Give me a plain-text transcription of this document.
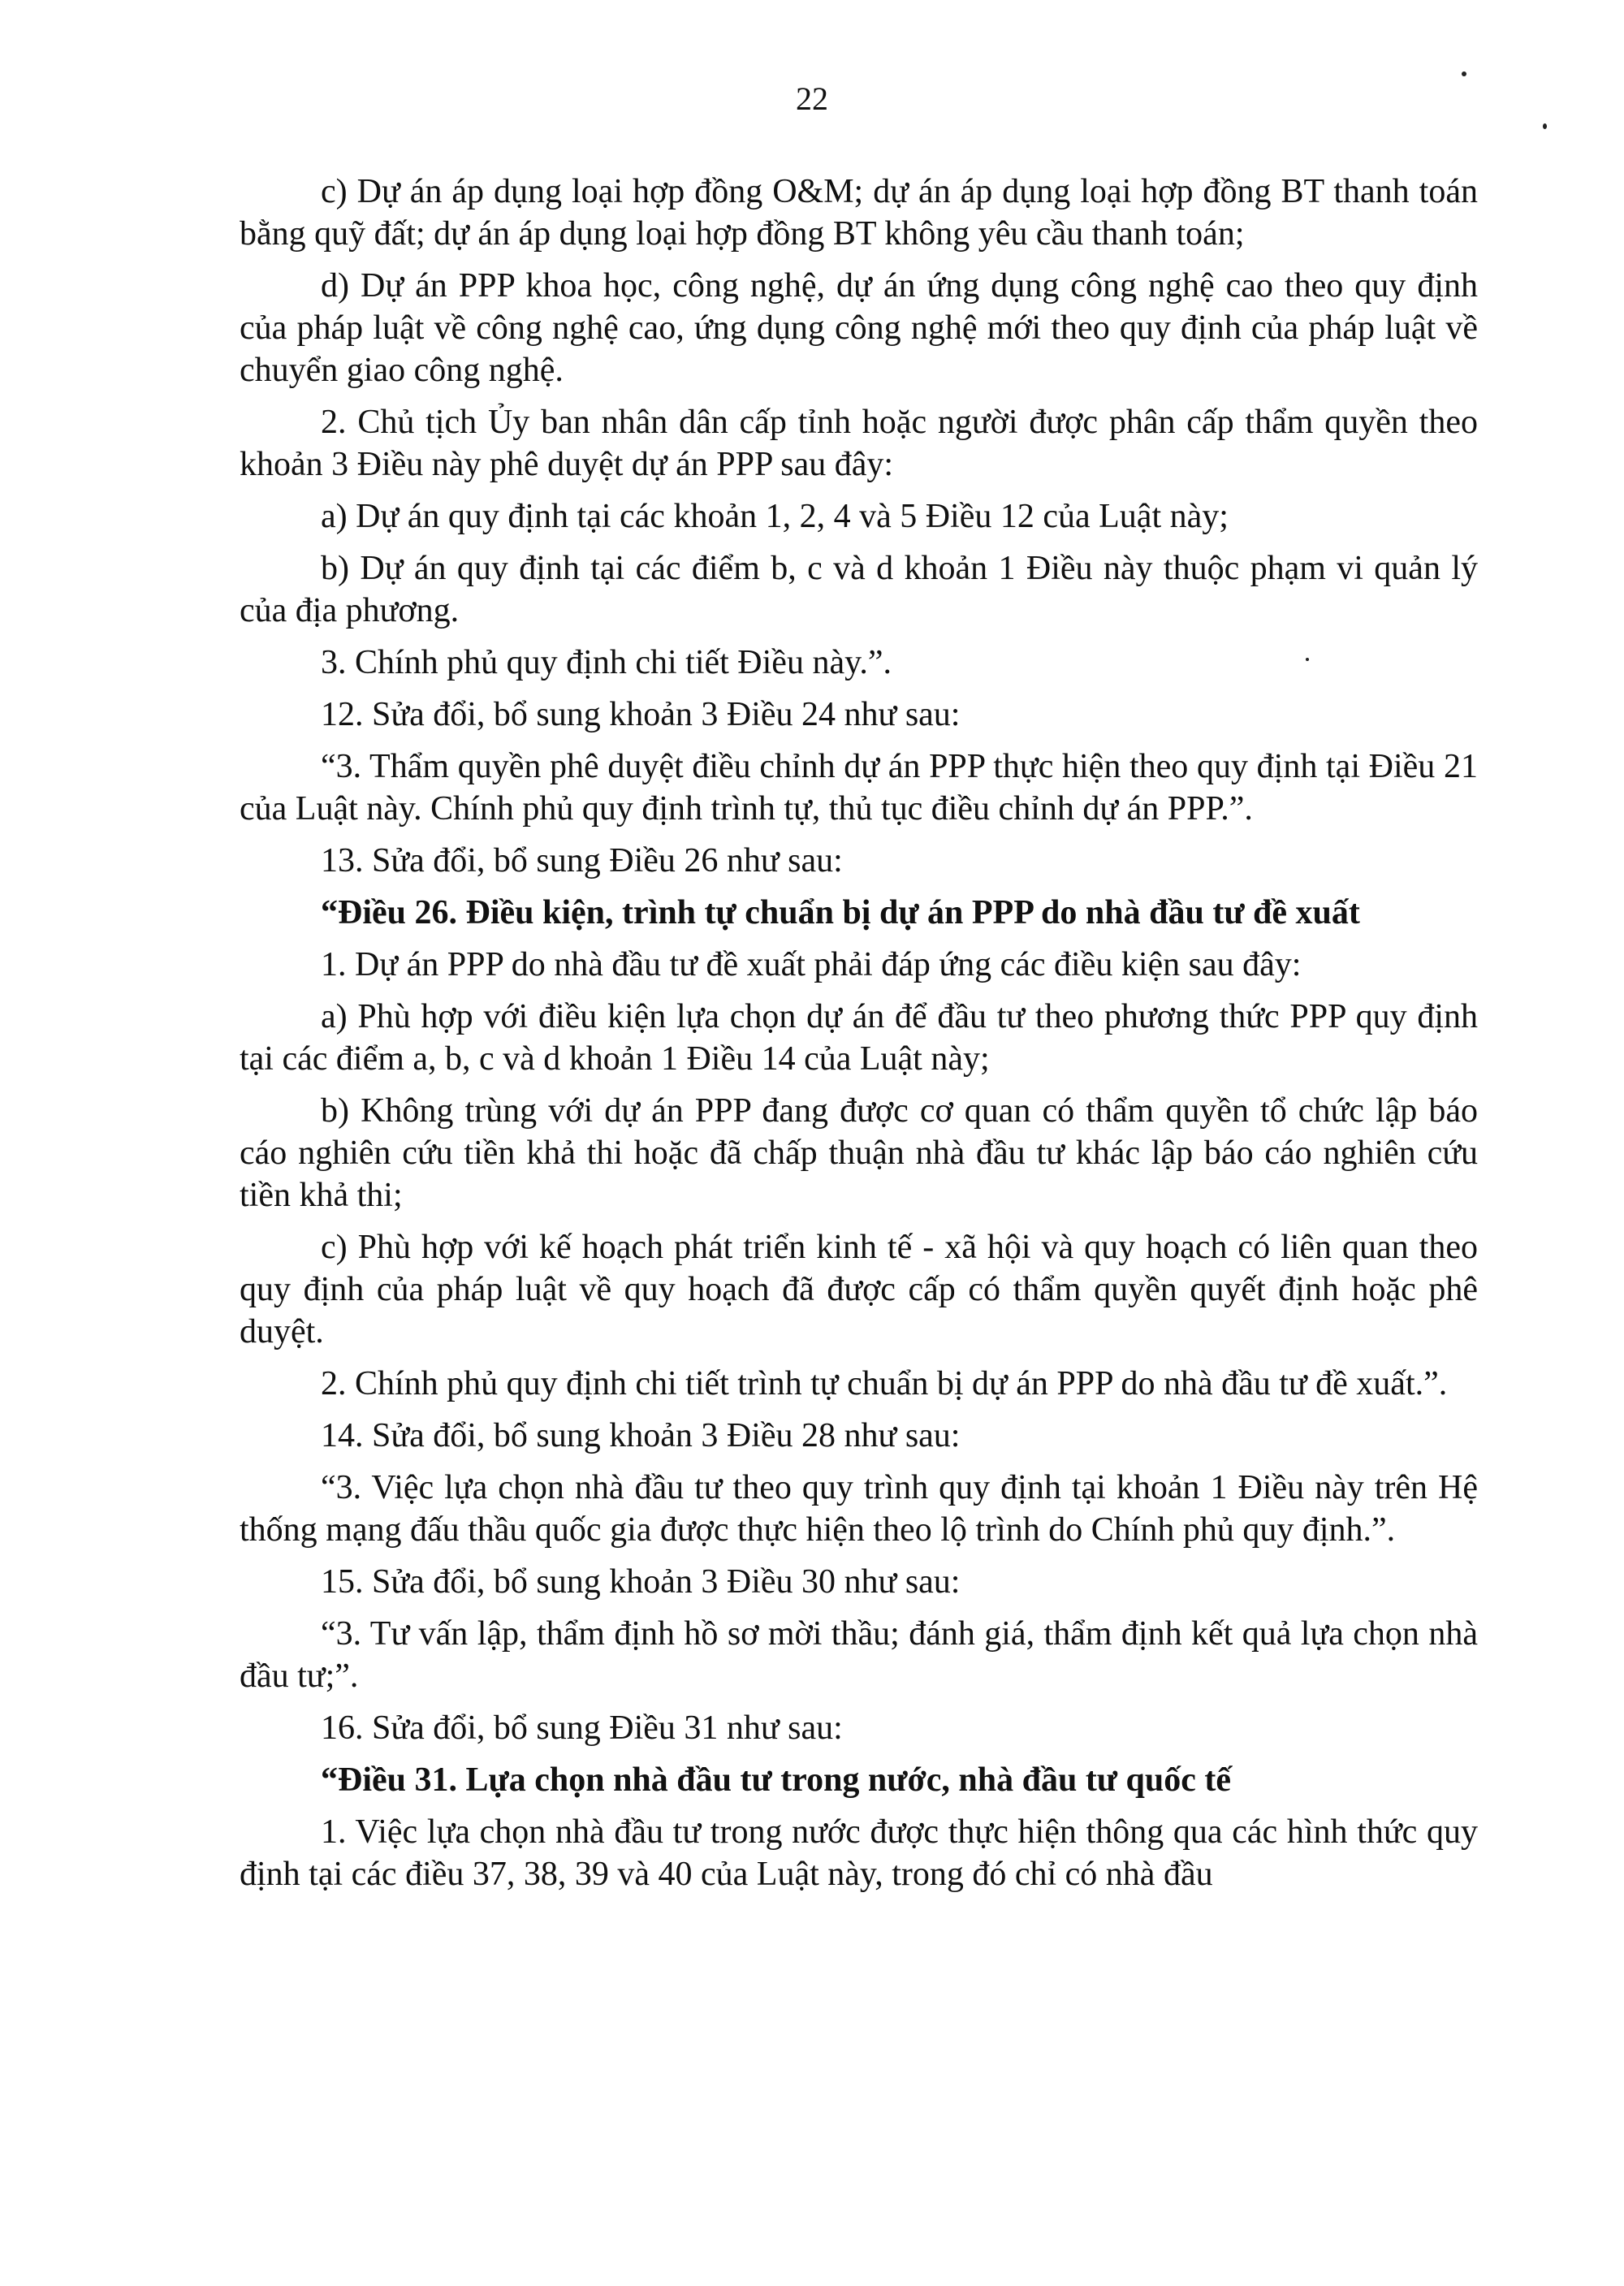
22

c) Dự án áp dụng loại hợp đồng O&M; dự án áp dụng loại hợp đồng BT thanh toán bằng quỹ đất; dự án áp dụng loại hợp đồng BT không yêu cầu thanh toán;

d) Dự án PPP khoa học, công nghệ, dự án ứng dụng công nghệ cao theo quy định của pháp luật về công nghệ cao, ứng dụng công nghệ mới theo quy định của pháp luật về chuyển giao công nghệ.

2. Chủ tịch Ủy ban nhân dân cấp tỉnh hoặc người được phân cấp thẩm quyền theo khoản 3 Điều này phê duyệt dự án PPP sau đây:

a) Dự án quy định tại các khoản 1, 2, 4 và 5 Điều 12 của Luật này;

b) Dự án quy định tại các điểm b, c và d khoản 1 Điều này thuộc phạm vi quản lý của địa phương.

3. Chính phủ quy định chi tiết Điều này.”.

12. Sửa đổi, bổ sung khoản 3 Điều 24 như sau:

“3. Thẩm quyền phê duyệt điều chỉnh dự án PPP thực hiện theo quy định tại Điều 21 của Luật này. Chính phủ quy định trình tự, thủ tục điều chỉnh dự án PPP.”.

13. Sửa đổi, bổ sung Điều 26 như sau:

“Điều 26. Điều kiện, trình tự chuẩn bị dự án PPP do nhà đầu tư đề xuất

1. Dự án PPP do nhà đầu tư đề xuất phải đáp ứng các điều kiện sau đây:

a) Phù hợp với điều kiện lựa chọn dự án để đầu tư theo phương thức PPP quy định tại các điểm a, b, c và d khoản 1 Điều 14 của Luật này;

b) Không trùng với dự án PPP đang được cơ quan có thẩm quyền tổ chức lập báo cáo nghiên cứu tiền khả thi hoặc đã chấp thuận nhà đầu tư khác lập báo cáo nghiên cứu tiền khả thi;

c) Phù hợp với kế hoạch phát triển kinh tế - xã hội và quy hoạch có liên quan theo quy định của pháp luật về quy hoạch đã được cấp có thẩm quyền quyết định hoặc phê duyệt.

2. Chính phủ quy định chi tiết trình tự chuẩn bị dự án PPP do nhà đầu tư đề xuất.”.

14. Sửa đổi, bổ sung khoản 3 Điều 28 như sau:

“3. Việc lựa chọn nhà đầu tư theo quy trình quy định tại khoản 1 Điều này trên Hệ thống mạng đấu thầu quốc gia được thực hiện theo lộ trình do Chính phủ quy định.”.

15. Sửa đổi, bổ sung khoản 3 Điều 30 như sau:

“3. Tư vấn lập, thẩm định hồ sơ mời thầu; đánh giá, thẩm định kết quả lựa chọn nhà đầu tư;”.

16. Sửa đổi, bổ sung Điều 31 như sau:

“Điều 31. Lựa chọn nhà đầu tư trong nước, nhà đầu tư quốc tế

1. Việc lựa chọn nhà đầu tư trong nước được thực hiện thông qua các hình thức quy định tại các điều 37, 38, 39 và 40 của Luật này, trong đó chỉ có nhà đầu
